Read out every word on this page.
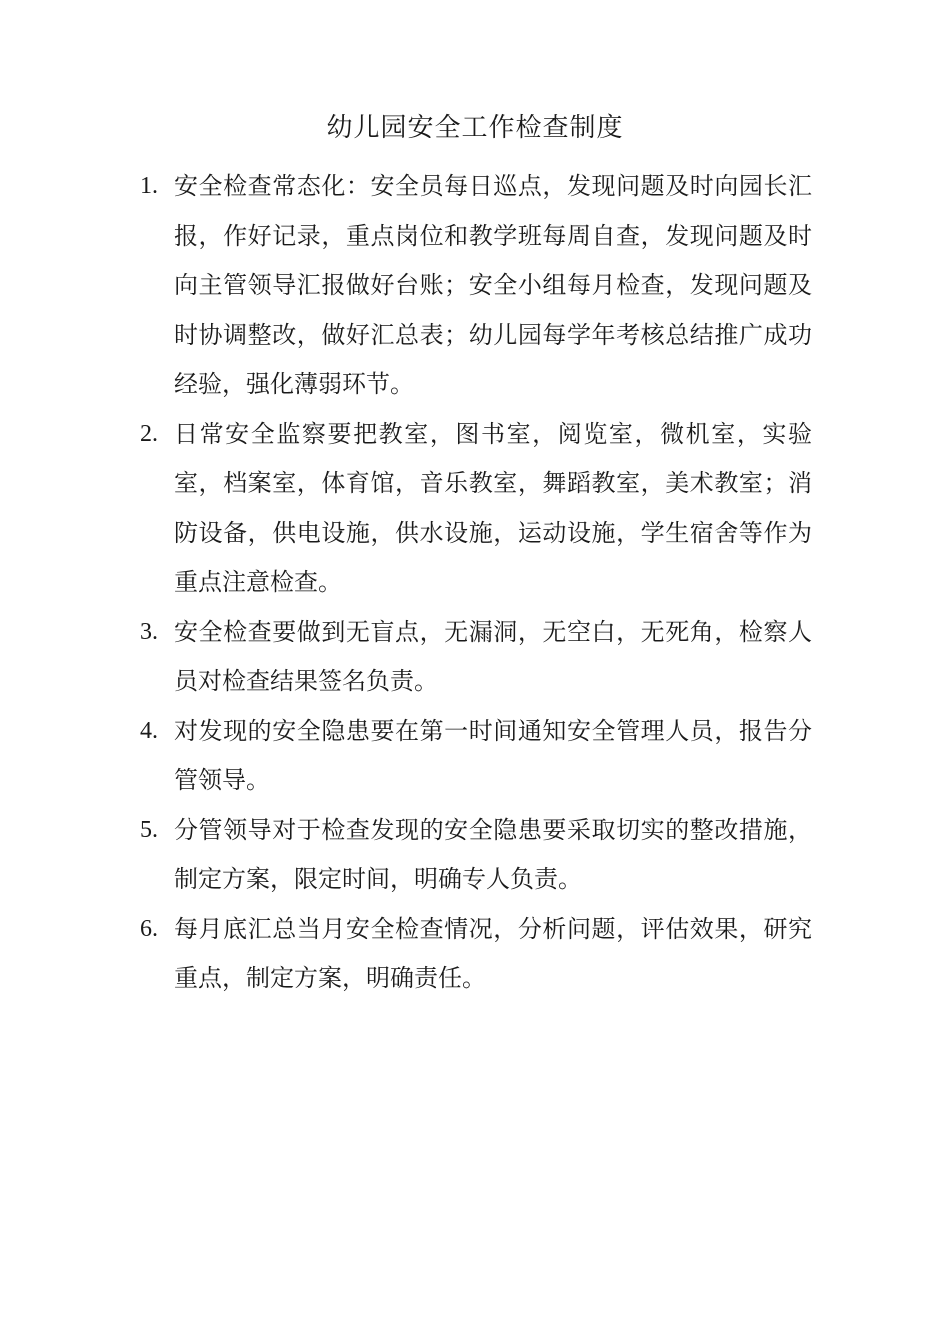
幼儿园安全工作检查制度
1. 安全检查常态化：安全员每日巡点，发现问题及时向园长汇报，作好记录，重点岗位和教学班每周自查，发现问题及时向主管领导汇报做好台账；安全小组每月检查，发现问题及时协调整改，做好汇总表；幼儿园每学年考核总结推广成功经验，强化薄弱环节。
2. 日常安全监察要把教室，图书室，阅览室，微机室，实验室，档案室，体育馆，音乐教室，舞蹈教室，美术教室；消防设备，供电设施，供水设施，运动设施，学生宿舍等作为重点注意检查。
3. 安全检查要做到无盲点，无漏洞，无空白，无死角，检察人员对检查结果签名负责。
4. 对发现的安全隐患要在第一时间通知安全管理人员，报告分管领导。
5. 分管领导对于检查发现的安全隐患要采取切实的整改措施，制定方案，限定时间，明确专人负责。
6. 每月底汇总当月安全检查情况，分析问题，评估效果，研究重点，制定方案，明确责任。
